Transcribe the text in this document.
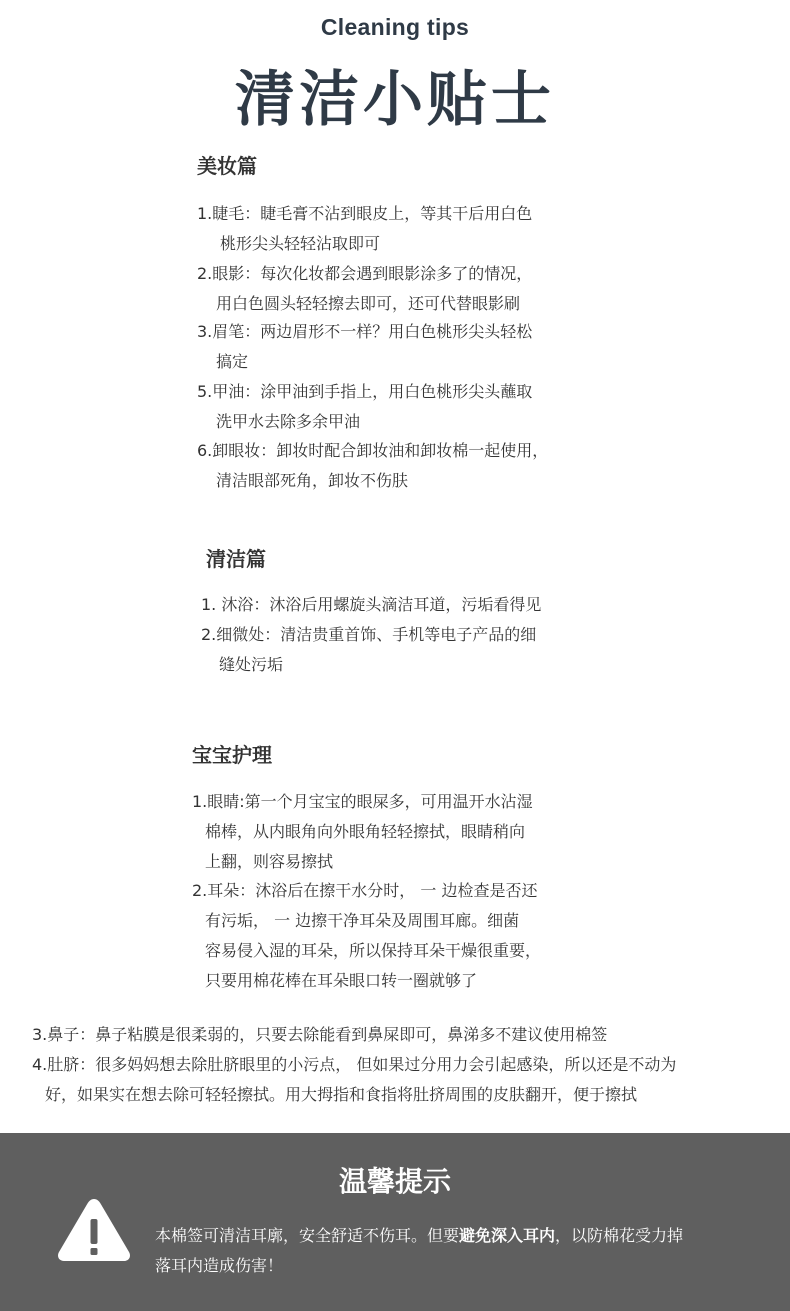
Cleaning tips
清洁小贴士
美妆篇
1.睫毛：睫毛膏不沾到眼皮上，等其干后用白色
桃形尖头轻轻沾取即可
2.眼影：每次化妆都会遇到眼影涂多了的情况，
用白色圆头轻轻擦去即可，还可代替眼影刷
3.眉笔：两边眉形不一样？用白色桃形尖头轻松
搞定
5.甲油：涂甲油到手指上，用白色桃形尖头蘸取
洗甲水去除多余甲油
6.卸眼妆：卸妆时配合卸妆油和卸妆棉一起使用，
清洁眼部死角，卸妆不伤肤
清洁篇
1. 沐浴：沐浴后用螺旋头滴洁耳道，污垢看得见
2.细微处：清洁贵重首饰、手机等电子产品的细
缝处污垢
宝宝护理
1.眼睛:第一个月宝宝的眼屎多，可用温开水沾湿
棉棒，从内眼角向外眼角轻轻擦拭，眼睛稍向
上翻，则容易擦拭
2.耳朵：沐浴后在擦干水分时， 一 边检查是否还
有污垢， 一 边擦干净耳朵及周围耳廊。细菌
容易侵入湿的耳朵，所以保持耳朵干燥很重要，
只要用棉花棒在耳朵眼口转一圈就够了
3.鼻子：鼻子粘膜是很柔弱的，只要去除能看到鼻屎即可，鼻涕多不建议使用棉签
4.肚脐：很多妈妈想去除肚脐眼里的小污点， 但如果过分用力会引起感染，所以还是不动为
好，如果实在想去除可轻轻擦拭。用大拇指和食指将肚挤周围的皮肤翻开，便于擦拭
温馨提示
本棉签可清洁耳廓，安全舒适不伤耳。但要避免深入耳内，以防棉花受力掉
落耳内造成伤害！
